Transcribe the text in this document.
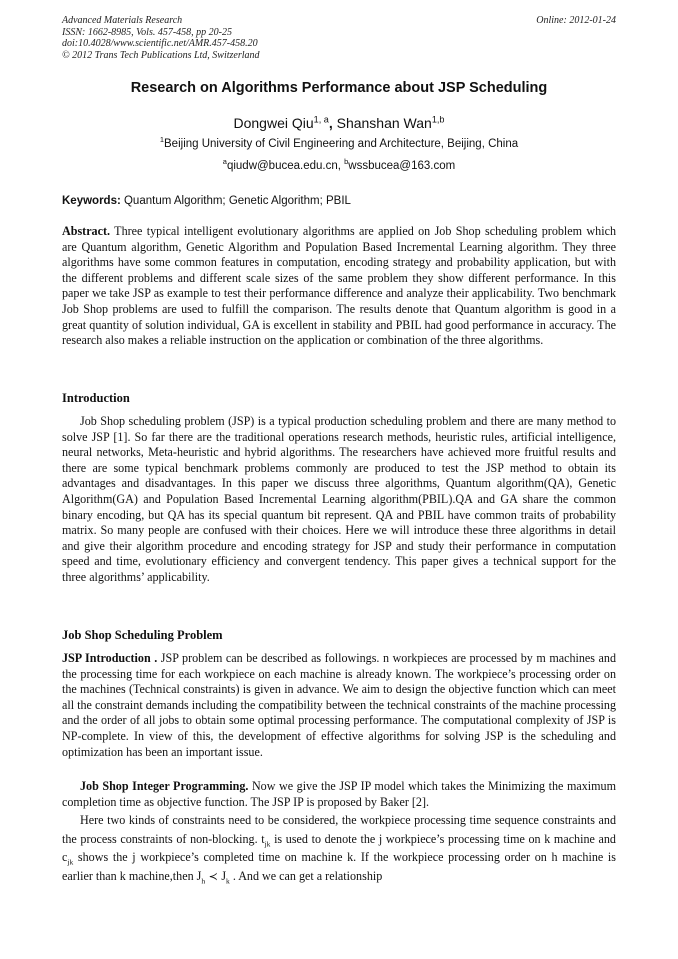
Advanced Materials Research
ISSN: 1662-8985, Vols. 457-458, pp 20-25
doi:10.4028/www.scientific.net/AMR.457-458.20
© 2012 Trans Tech Publications Ltd, Switzerland
Online: 2012-01-24
Research on Algorithms Performance about JSP Scheduling
Dongwei Qiu$^{1, a}$, Shanshan Wan$^{1,b}$
$^1$Beijing University of Civil Engineering and Architecture, Beijing, China
$^a$qiudw@bucea.edu.cn, $^b$wssbucea@163.com
Keywords: Quantum Algorithm; Genetic Algorithm; PBIL
Abstract. Three typical intelligent evolutionary algorithms are applied on Job Shop scheduling problem which are Quantum algorithm, Genetic Algorithm and Population Based Incremental Learning algorithm. They three algorithms have some common features in computation, encoding strategy and probability application, but with the different problems and different scale sizes of the same problem they show different performance. In this paper we take JSP as example to test their performance difference and analyze their applicability. Two benchmark Job Shop problems are used to fulfill the comparison. The results denote that Quantum algorithm is good in a great quantity of solution individual, GA is excellent in stability and PBIL had good performance in accuracy. The research also makes a reliable instruction on the application or combination of the three algorithms.
Introduction
Job Shop scheduling problem (JSP) is a typical production scheduling problem and there are many method to solve JSP [1]. So far there are the traditional operations research methods, heuristic rules, artificial intelligence, neural networks, Meta-heuristic and hybrid algorithms. The researchers have achieved more fruitful results and there are some typical benchmark problems commonly are produced to test the JSP method to obtain its advantages and disadvantages. In this paper we discuss three algorithms, Quantum algorithm(QA), Genetic Algorithm(GA) and Population Based Incremental Learning algorithm(PBIL).QA and GA share the common binary encoding, but QA has its special quantum bit represent. QA and PBIL have common traits of probability matrix. So many people are confused with their choices. Here we will introduce these three algorithms in detail and give their algorithm procedure and encoding strategy for JSP and study their performance in computation speed and time, evolutionary efficiency and convergent tendency. This paper gives a technical support for the three algorithms’ applicability.
Job Shop Scheduling Problem
JSP Introduction . JSP problem can be described as followings. n workpieces are processed by m machines and the processing time for each workpiece on each machine is already known. The workpiece’s processing order on the machines (Technical constraints) is given in advance. We aim to design the objective function which can meet all the constraint demands including the compatibility between the technical constraints of the machine processing and the order of all jobs to obtain some optimal processing performance. The computational complexity of JSP is NP-complete. In view of this, the development of effective algorithms for solving JSP is the scheduling and optimization has been an important issue.
Job Shop Integer Programming. Now we give the JSP IP model which takes the Minimizing the maximum completion time as objective function. The JSP IP is proposed by Baker [2].
Here two kinds of constraints need to be considered, the workpiece processing time sequence constraints and the process constraints of non-blocking. $t_{jk}$ is used to denote the j workpiece’s processing time on k machine and $c_{jk}$ shows the j workpiece’s completed time on machine k. If the workpiece processing order on h machine is earlier than k machine,then $J_h$ ≺ $J_k$ . And we can get a relationship
